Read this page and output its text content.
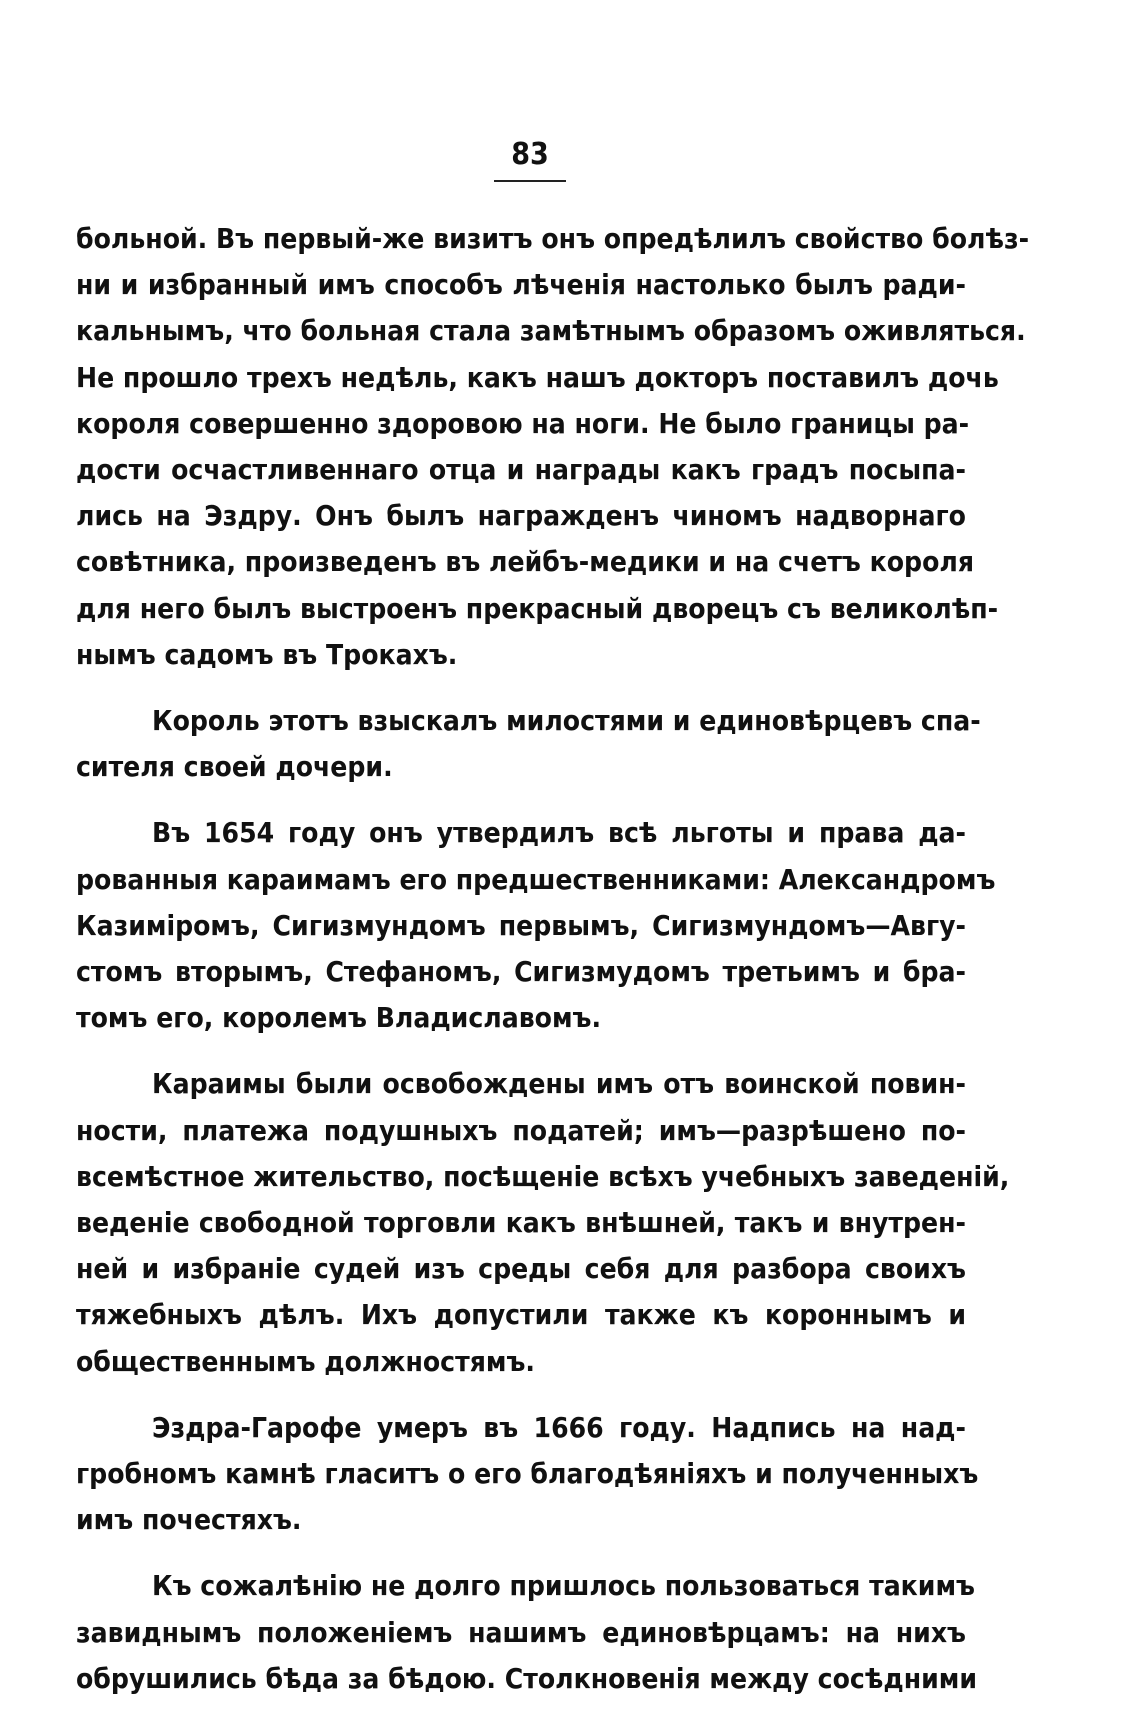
83
больной. Въ первый-же визитъ онъ опредѣлилъ свойство болѣз-
ни и избранный имъ способъ лѣченія настолько былъ ради-
кальнымъ, что больная стала замѣтнымъ образомъ оживляться.
Не прошло трехъ недѣль, какъ нашъ докторъ поставилъ дочь
короля совершенно здоровою на ноги. Не было границы ра-
дости осчастливеннаго отца и награды какъ градъ посыпа-
лись на Эздру. Онъ былъ награжденъ чиномъ надворнаго
совѣтника, произведенъ въ лейбъ-медики и на счетъ короля
для него былъ выстроенъ прекрасный дворецъ съ великолѣп-
нымъ садомъ въ Трокахъ.
Король этотъ взыскалъ милостями и единовѣрцевъ спа-
сителя своей дочери.
Въ 1654 году онъ утвердилъ всѣ льготы и права да-
рованныя караимамъ его предшественниками: Александромъ
Казиміромъ, Сигизмундомъ первымъ, Сигизмундомъ—Авгу-
стомъ вторымъ, Стефаномъ, Сигизмудомъ третьимъ и бра-
томъ его, королемъ Владиславомъ.
Караимы были освобождены имъ отъ воинской повин-
ности, платежа подушныхъ податей; имъ—разрѣшено по-
всемѣстное жительство, посѣщеніе всѣхъ учебныхъ заведеній,
веденіе свободной торговли какъ внѣшней, такъ и внутрен-
ней и избраніе судей изъ среды себя для разбора своихъ
тяжебныхъ дѣлъ. Ихъ допустили также къ короннымъ и
общественнымъ должностямъ.
Эздра-Гарофе умеръ въ 1666 году. Надпись на над-
гробномъ камнѣ гласитъ о его благодѣяніяхъ и полученныхъ
имъ почестяхъ.
Къ сожалѣнію не долго пришлось пользоваться такимъ
завиднымъ положеніемъ нашимъ единовѣрцамъ: на нихъ
обрушились бѣда за бѣдою. Столкновенія между сосѣдними
